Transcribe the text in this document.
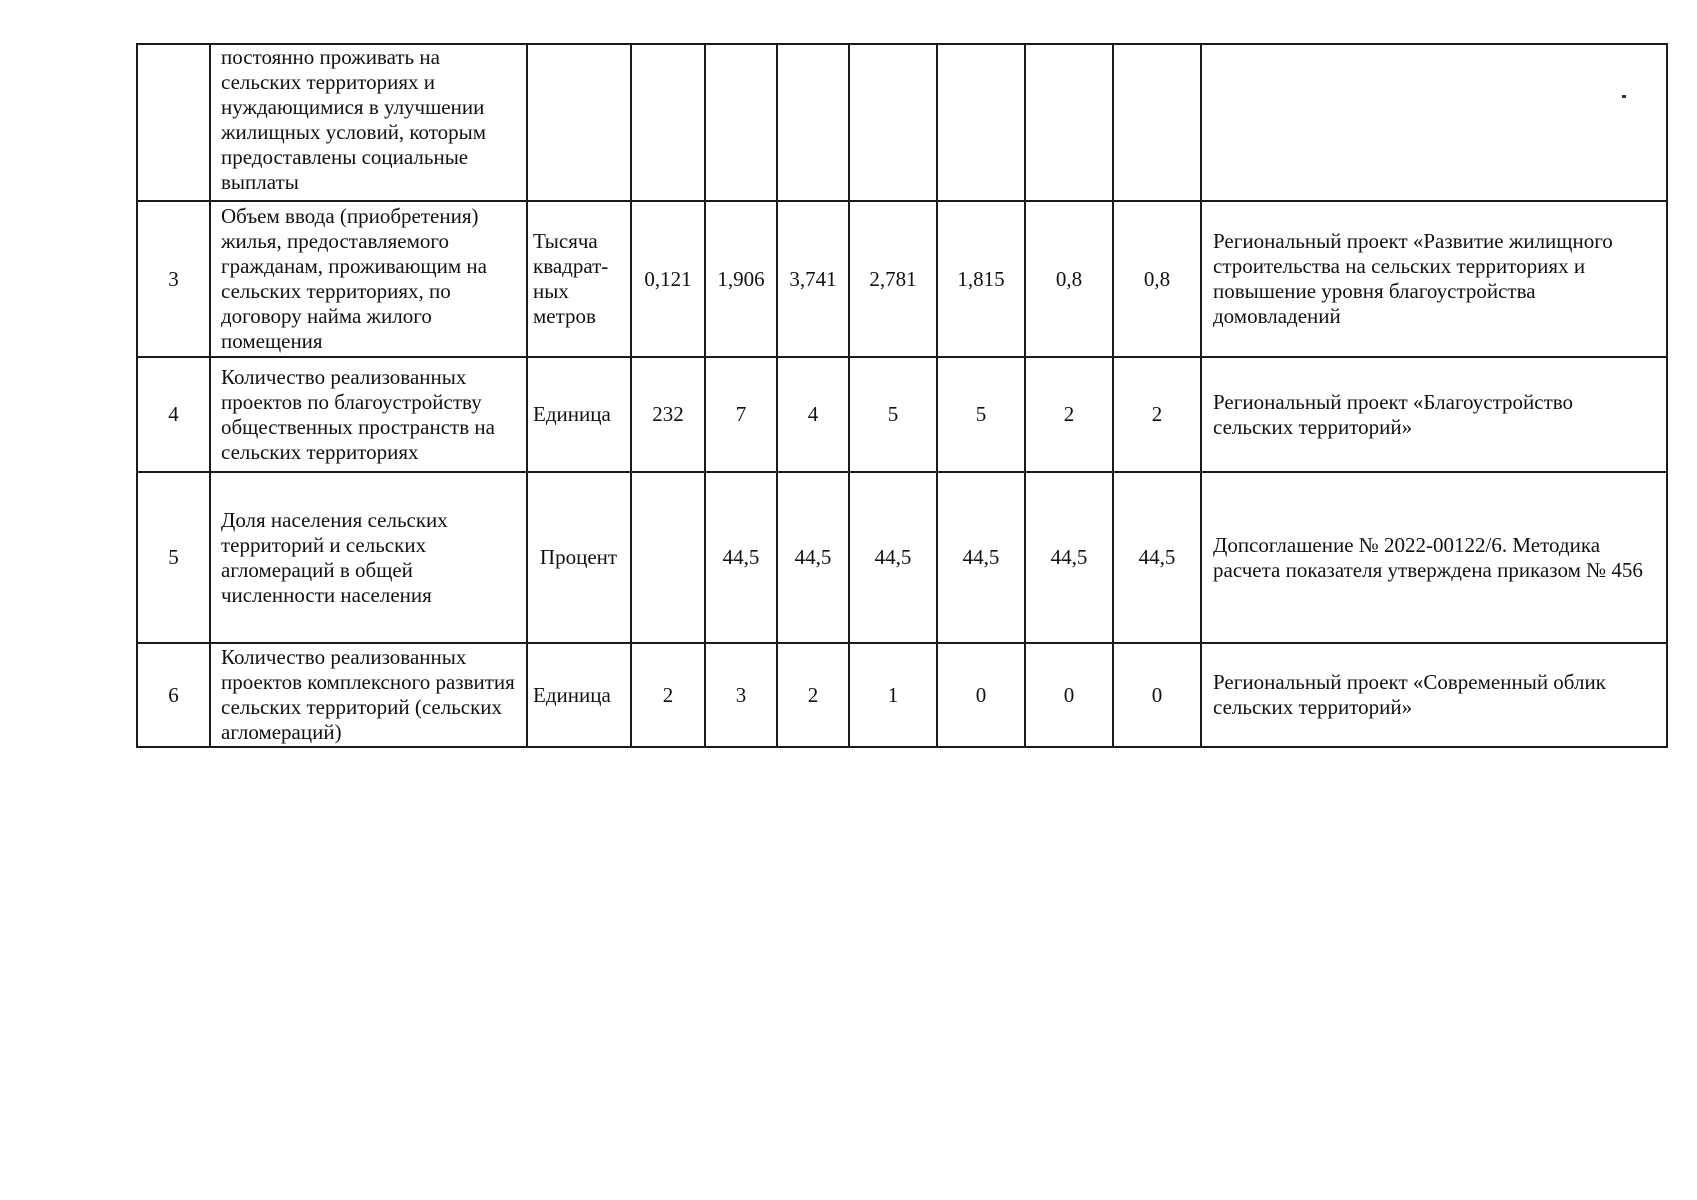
	постоянно проживать на сельских территориях и нуждающимися в улучшении жилищных условий, которым предоставлены социальные выплаты									
3	Объем ввода (приобретения) жилья, предоставляемого гражданам, проживающим на сельских территориях, по договору найма жилого помещения	Тысяча квадрат-ных метров	0,121	1,906	3,741	2,781	1,815	0,8	0,8	Региональный проект «Развитие жилищного строительства на сельских территориях и повышение уровня благоустройства домовладений
4	Количество реализованных проектов по благоустройству общественных пространств на сельских территориях	Единица	232	7	4	5	5	2	2	Региональный проект «Благоустройство сельских территорий»
5	Доля населения сельских территорий и сельских агломераций в общей численности населения	Процент		44,5	44,5	44,5	44,5	44,5	44,5	Допсоглашение № 2022-00122/6. Методика расчета показателя утверждена приказом № 456
6	Количество реализованных проектов комплексного развития сельских территорий (сельских агломераций)	Единица	2	3	2	1	0	0	0	Региональный проект «Современный облик сельских территорий»
